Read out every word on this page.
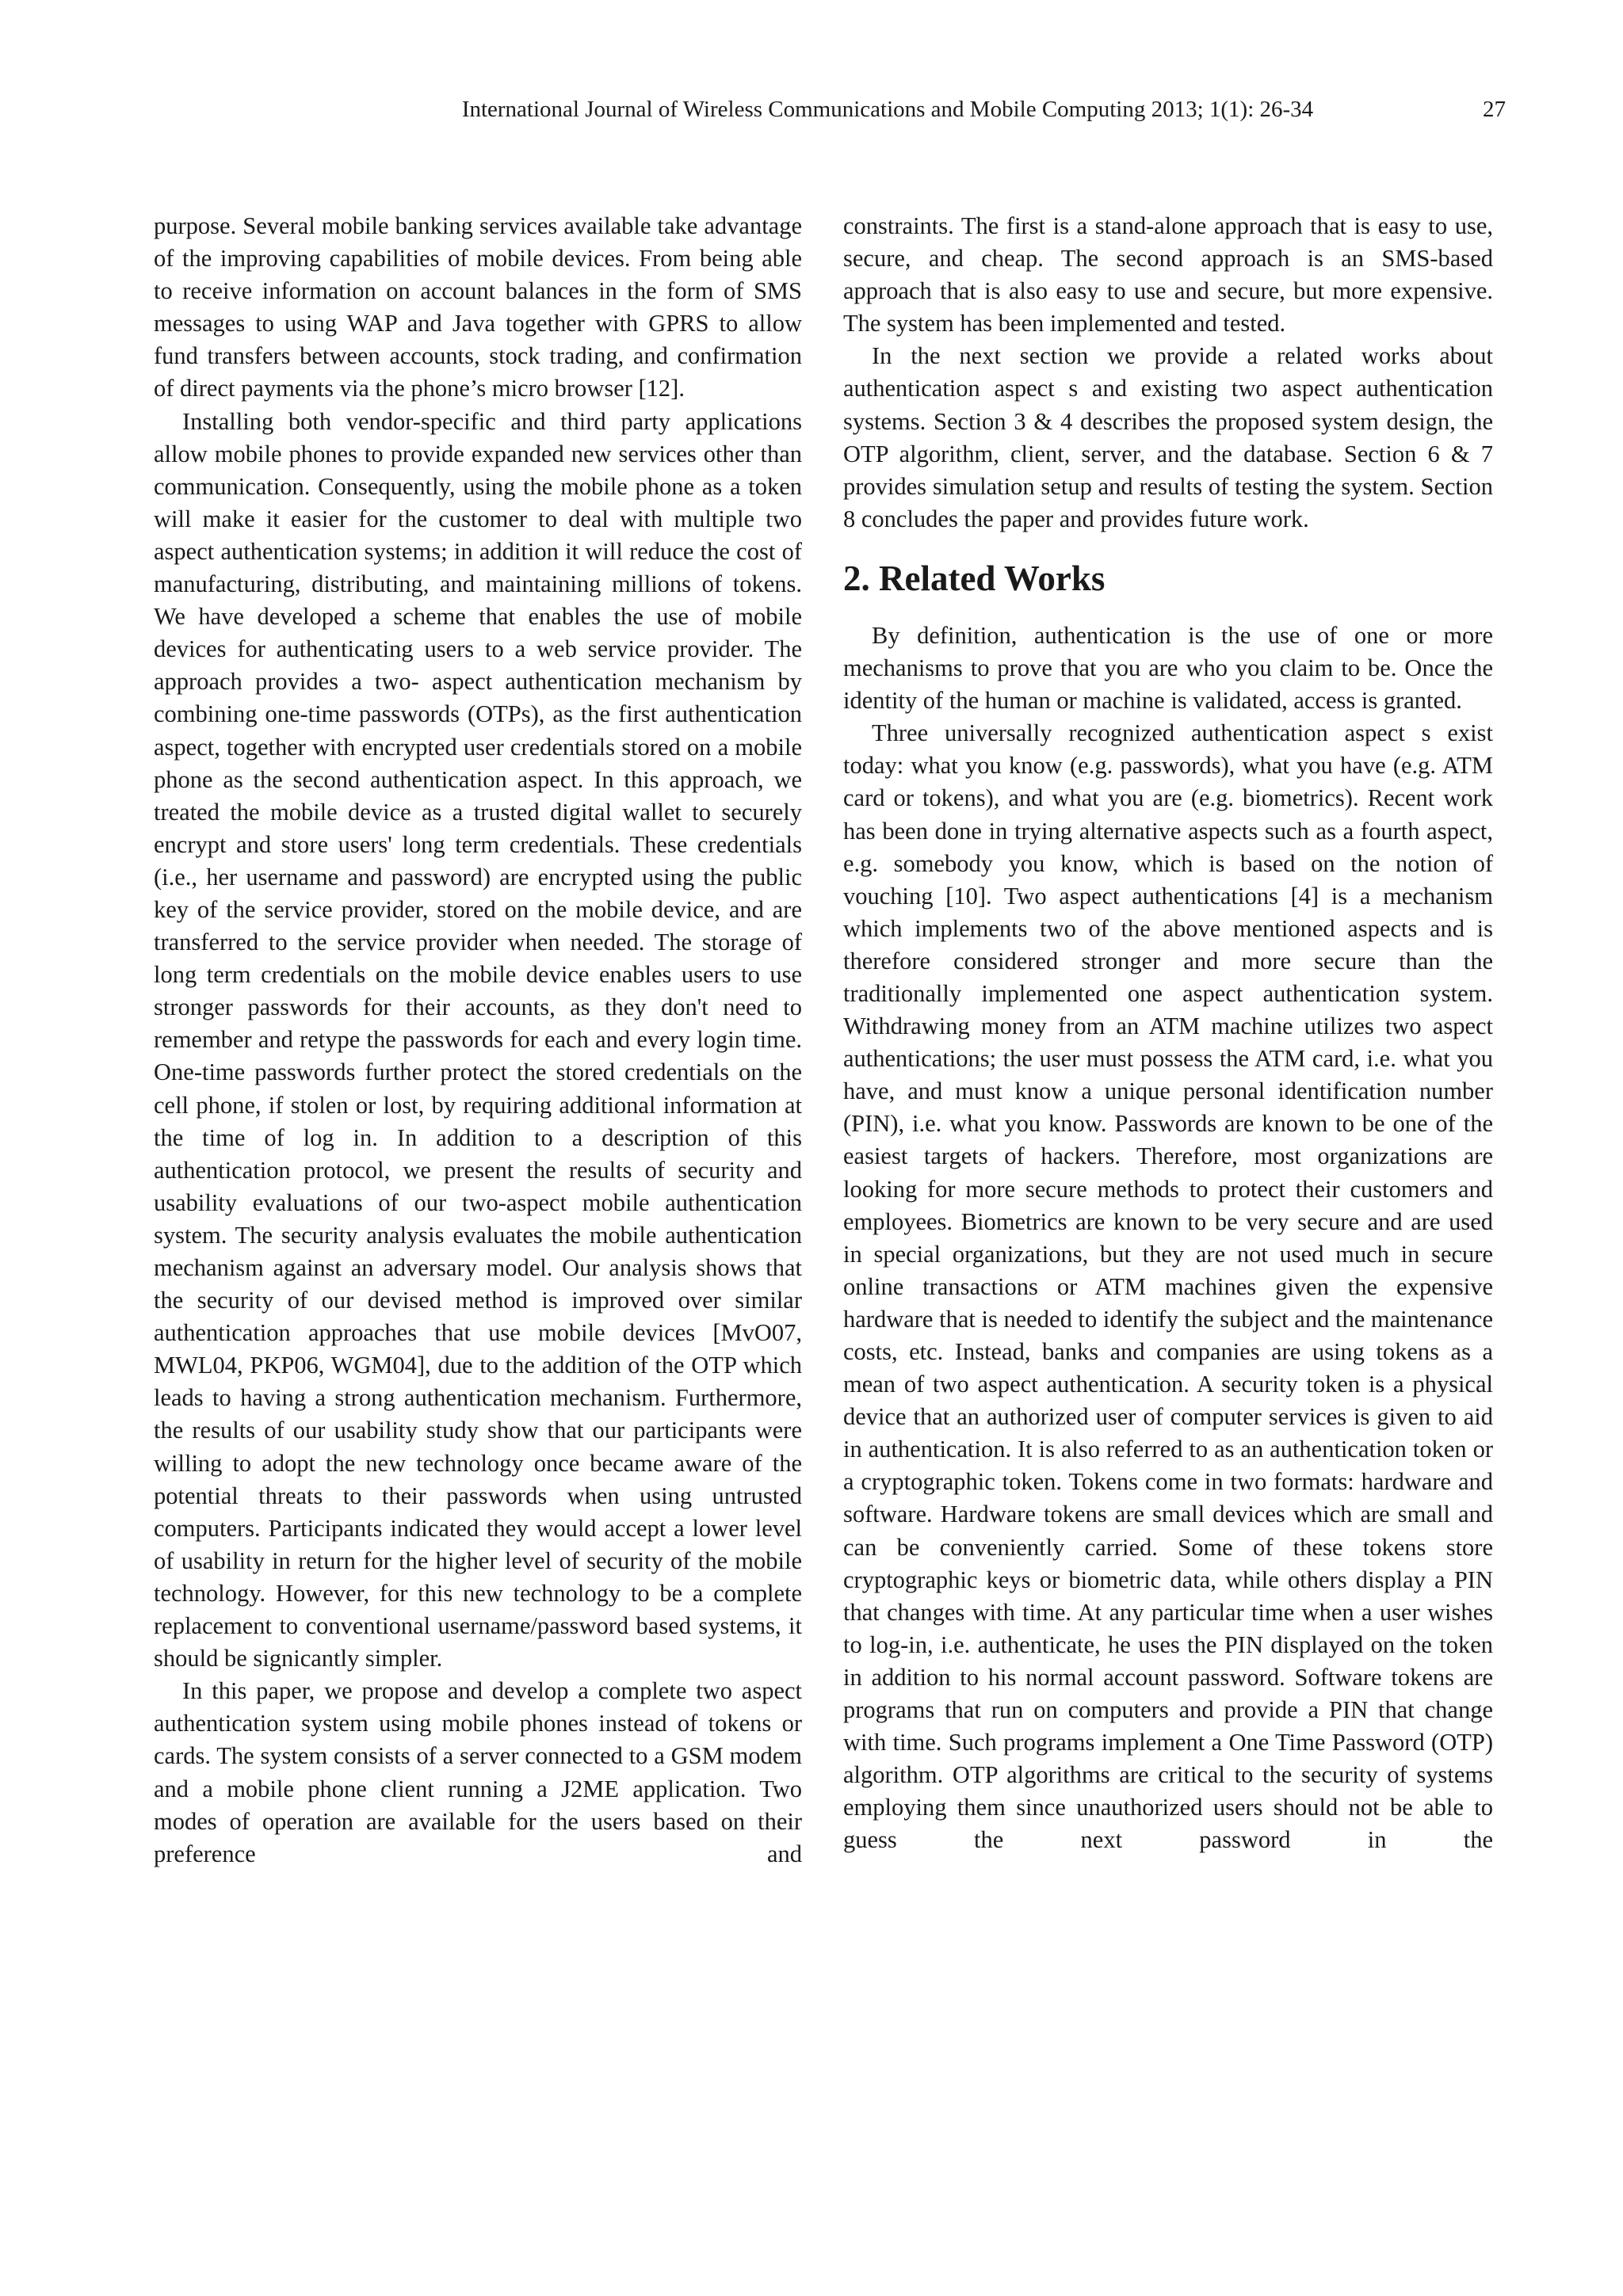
International Journal of Wireless Communications and Mobile Computing 2013; 1(1): 26-34	27

purpose. Several mobile banking services available take advantage of the improving capabilities of mobile devices. From being able to receive information on account balances in the form of SMS messages to using WAP and Java together with GPRS to allow fund transfers between accounts, stock trading, and confirmation of direct payments via the phone’s micro browser [12].

Installing both vendor-specific and third party applications allow mobile phones to provide expanded new services other than communication. Consequently, using the mobile phone as a token will make it easier for the customer to deal with multiple two aspect authentication systems; in addition it will reduce the cost of manufacturing, distributing, and maintaining millions of tokens. We have developed a scheme that enables the use of mobile devices for authenticating users to a web service provider. The approach provides a two- aspect authentication mechanism by combining one-time passwords (OTPs), as the first authentication aspect, together with encrypted user credentials stored on a mobile phone as the second authentication aspect. In this approach, we treated the mobile device as a trusted digital wallet to securely encrypt and store users' long term credentials. These credentials (i.e., her username and password) are encrypted using the public key of the service provider, stored on the mobile device, and are transferred to the service provider when needed. The storage of long term credentials on the mobile device enables users to use stronger passwords for their accounts, as they don't need to remember and retype the passwords for each and every login time. One-time passwords further protect the stored credentials on the cell phone, if stolen or lost, by requiring additional information at the time of log in. In addition to a description of this authentication protocol, we present the results of security and usability evaluations of our two-aspect mobile authentication system. The security analysis evaluates the mobile authentication mechanism against an adversary model. Our analysis shows that the security of our devised method is improved over similar authentication approaches that use mobile devices [MvO07, MWL04, PKP06, WGM04], due to the addition of the OTP which leads to having a strong authentication mechanism. Furthermore, the results of our usability study show that our participants were willing to adopt the new technology once became aware of the potential threats to their passwords when using untrusted computers. Participants indicated they would accept a lower level of usability in return for the higher level of security of the mobile technology. However, for this new technology to be a complete replacement to conventional username/password based systems, it should be signicantly simpler.

In this paper, we propose and develop a complete two aspect authentication system using mobile phones instead of tokens or cards. The system consists of a server connected to a GSM modem and a mobile phone client running a J2ME application. Two modes of operation are available for the users based on their preference and

constraints. The first is a stand-alone approach that is easy to use, secure, and cheap. The second approach is an SMS-based approach that is also easy to use and secure, but more expensive. The system has been implemented and tested.

In the next section we provide a related works about authentication aspect s and existing two aspect authentication systems. Section 3 & 4 describes the proposed system design, the OTP algorithm, client, server, and the database. Section 6 & 7 provides simulation setup and results of testing the system. Section 8 concludes the paper and provides future work.

2. Related Works

By definition, authentication is the use of one or more mechanisms to prove that you are who you claim to be. Once the identity of the human or machine is validated, access is granted.

Three universally recognized authentication aspect s exist today: what you know (e.g. passwords), what you have (e.g. ATM card or tokens), and what you are (e.g. biometrics). Recent work has been done in trying alternative aspects such as a fourth aspect, e.g. somebody you know, which is based on the notion of vouching [10]. Two aspect authentications [4] is a mechanism which implements two of the above mentioned aspects and is therefore considered stronger and more secure than the traditionally implemented one aspect authentication system. Withdrawing money from an ATM machine utilizes two aspect authentications; the user must possess the ATM card, i.e. what you have, and must know a unique personal identification number (PIN), i.e. what you know. Passwords are known to be one of the easiest targets of hackers. Therefore, most organizations are looking for more secure methods to protect their customers and employees. Biometrics are known to be very secure and are used in special organizations, but they are not used much in secure online transactions or ATM machines given the expensive hardware that is needed to identify the subject and the maintenance costs, etc. Instead, banks and companies are using tokens as a mean of two aspect authentication. A security token is a physical device that an authorized user of computer services is given to aid in authentication. It is also referred to as an authentication token or a cryptographic token. Tokens come in two formats: hardware and software. Hardware tokens are small devices which are small and can be conveniently carried. Some of these tokens store cryptographic keys or biometric data, while others display a PIN that changes with time. At any particular time when a user wishes to log-in, i.e. authenticate, he uses the PIN displayed on the token in addition to his normal account password. Software tokens are programs that run on computers and provide a PIN that change with time. Such programs implement a One Time Password (OTP) algorithm. OTP algorithms are critical to the security of systems employing them since unauthorized users should not be able to guess the next password in the
